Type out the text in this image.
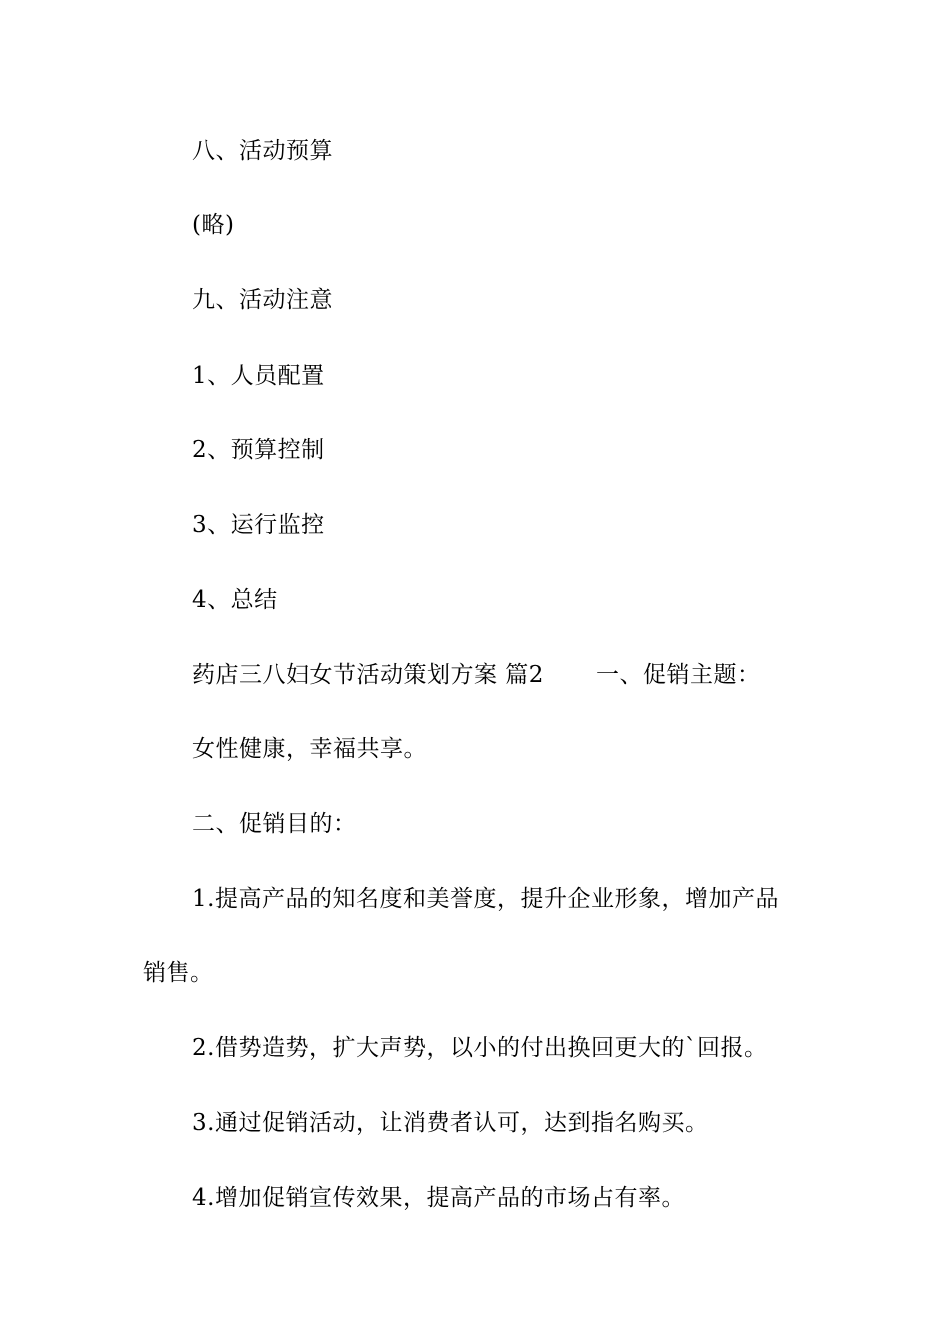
八、活动预算
(略)
九、活动注意
1、人员配置
2、预算控制
3、运行监控
4、总结
药店三八妇女节活动策划方案 篇2 一、促销主题：
女性健康，幸福共享。
二、促销目的：
1.提高产品的知名度和美誉度，提升企业形象，增加产品
销售。
2.借势造势，扩大声势，以小的付出换回更大的`回报。
3.通过促销活动，让消费者认可，达到指名购买。
4.增加促销宣传效果，提高产品的市场占有率。
